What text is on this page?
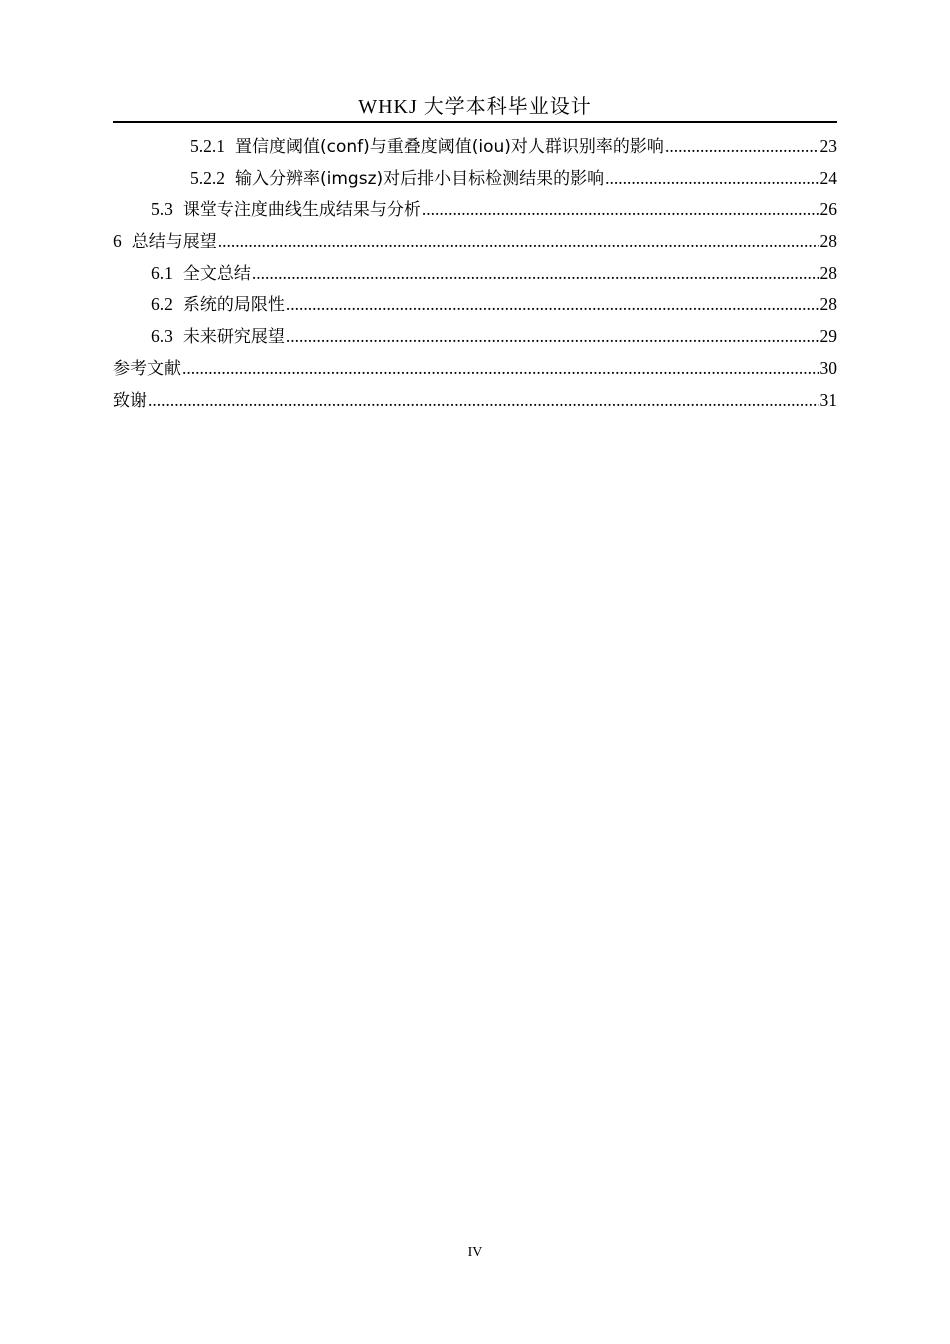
WHKJ 大学本科毕业设计
5.2.1 置信度阈值(conf)与重叠度阈值(iou)对人群识别率的影响 .....	23
5.2.2 输入分辨率(imgsz)对后排小目标检测结果的影响 .....	24
5.3 课堂专注度曲线生成结果与分析 .....	26
6 总结与展望 .....	28
6.1 全文总结 .....	28
6.2 系统的局限性 .....	28
6.3 未来研究展望 .....	29
参考文献 .....	30
致谢 .....	31
IV
